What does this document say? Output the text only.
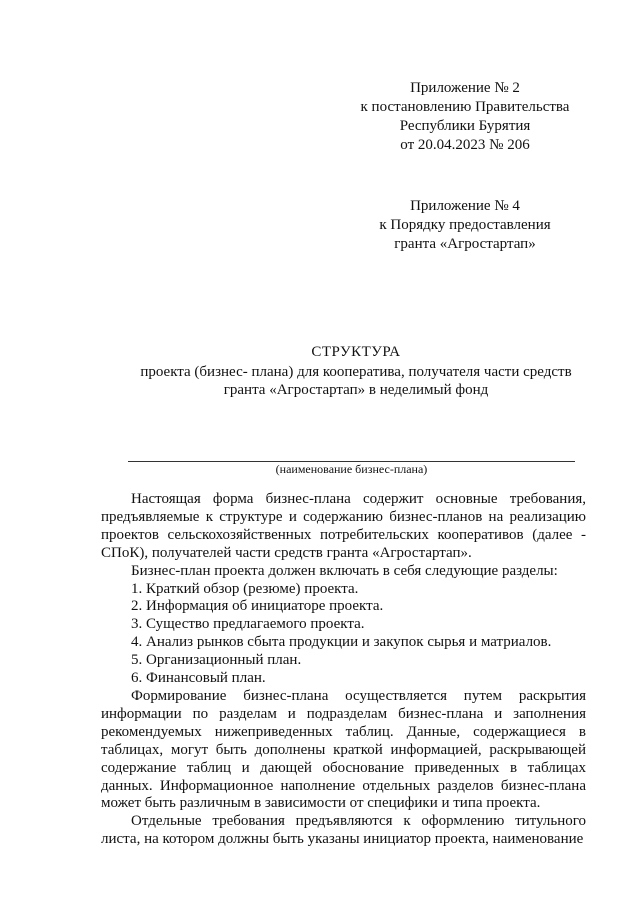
Приложение № 2
к постановлению Правительства
Республики Бурятия
от 20.04.2023 № 206
Приложение № 4
к Порядку предоставления
гранта «Агростартап»
СТРУКТУРА
проекта (бизнес- плана) для кооператива, получателя части средств
гранта «Агростартап» в неделимый фонд
(наименование бизнес-плана)

Настоящая форма бизнес-плана содержит основные требования, предъявляемые к структуре и содержанию бизнес-планов на реализацию проектов сельскохозяйственных потребительских кооперативов (далее - СПоК), получателей части средств гранта «Агростартап».

Бизнес-план проекта должен включать в себя следующие разделы:

1. Краткий обзор (резюме) проекта.

2. Информация об инициаторе проекта.

3. Существо предлагаемого проекта.

4. Анализ рынков сбыта продукции и закупок сырья и матриалов.

5. Организационный план.

6. Финансовый план.

Формирование бизнес-плана осуществляется путем раскрытия информации по разделам и подразделам бизнес-плана и заполнения рекомендуемых нижеприведенных таблиц. Данные, содержащиеся в таблицах, могут быть дополнены краткой информацией, раскрывающей содержание таблиц и дающей обоснование приведенных в таблицах данных. Информационное наполнение отдельных разделов бизнес-плана может быть различным в зависимости от специфики и типа проекта.

Отдельные требования предъявляются к оформлению титульного листа, на котором должны быть указаны инициатор проекта, наименование
